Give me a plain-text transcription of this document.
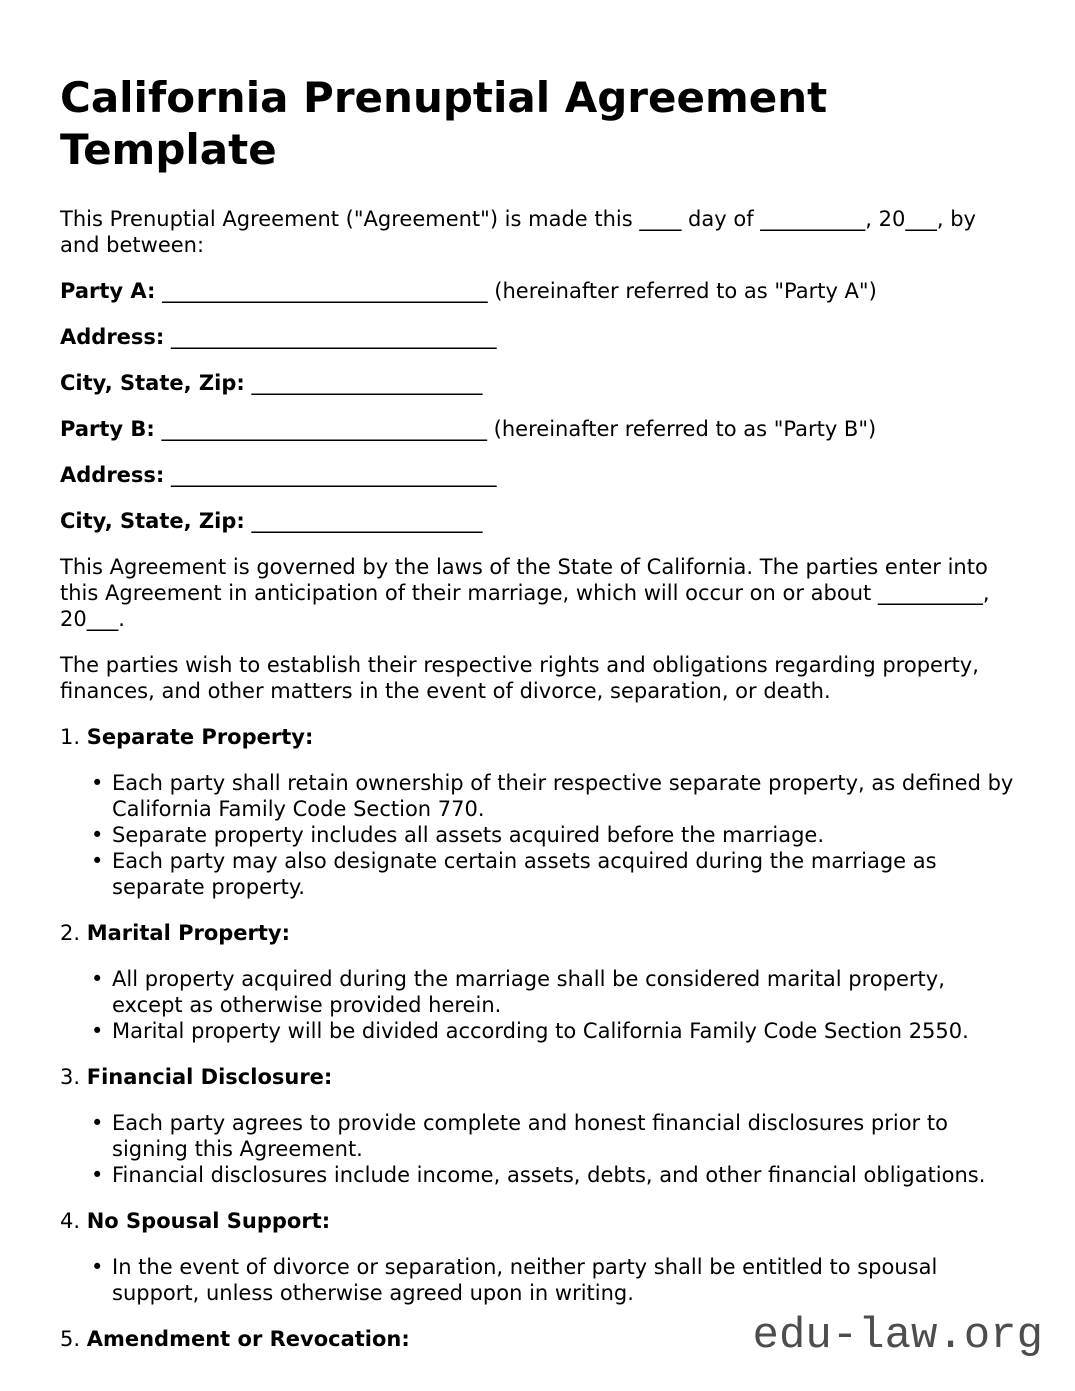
California Prenuptial Agreement Template

This Prenuptial Agreement ("Agreement") is made this ____ day of __________, 20___, by and between:

Party A: _______________________________ (hereinafter referred to as "Party A")

Address: _______________________________

City, State, Zip: ______________________

Party B: _______________________________ (hereinafter referred to as "Party B")

Address: _______________________________

City, State, Zip: ______________________

This Agreement is governed by the laws of the State of California. The parties enter into this Agreement in anticipation of their marriage, which will occur on or about __________, 20___.

The parties wish to establish their respective rights and obligations regarding property, finances, and other matters in the event of divorce, separation, or death.

1. Separate Property:

• Each party shall retain ownership of their respective separate property, as defined by California Family Code Section 770.
• Separate property includes all assets acquired before the marriage.
• Each party may also designate certain assets acquired during the marriage as separate property.

2. Marital Property:

• All property acquired during the marriage shall be considered marital property, except as otherwise provided herein.
• Marital property will be divided according to California Family Code Section 2550.

3. Financial Disclosure:

• Each party agrees to provide complete and honest financial disclosures prior to signing this Agreement.
• Financial disclosures include income, assets, debts, and other financial obligations.

4. No Spousal Support:

• In the event of divorce or separation, neither party shall be entitled to spousal support, unless otherwise agreed upon in writing.

5. Amendment or Revocation:	edu-law.org
